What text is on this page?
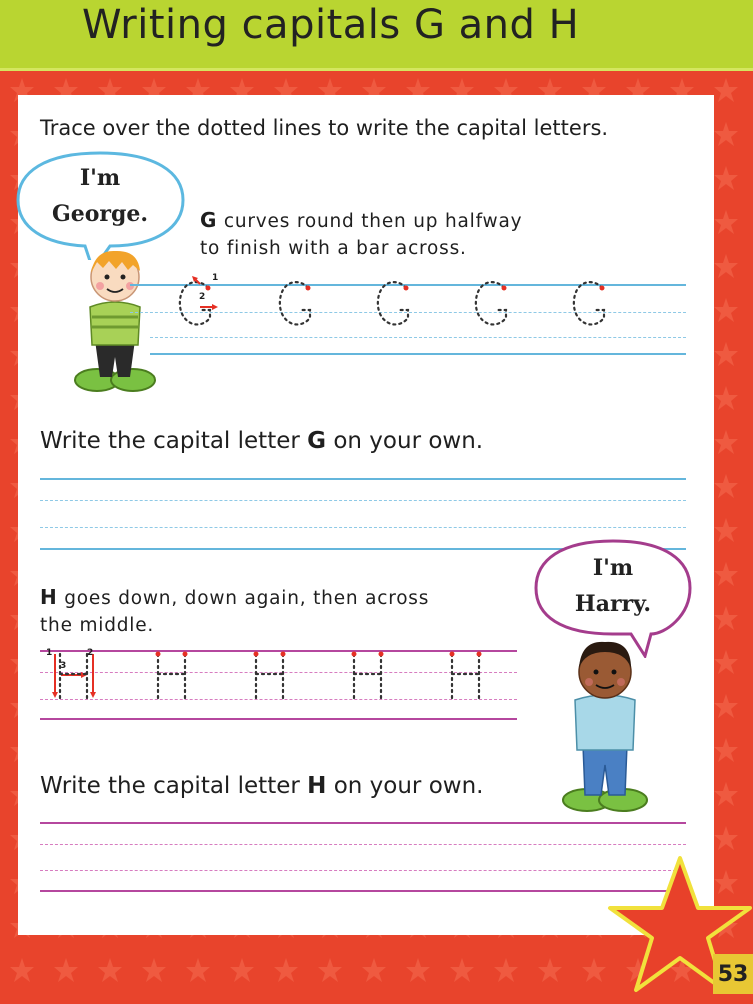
Writing capitals G and H
Trace over the dotted lines to write the capital letters.
I'm
George.	G curves round then up halfway
to finish with a bar across.
1
2
Write the capital letter G on your own.
I'm
Harry.
H goes down, down again, then across
the middle.
1	2
3
Write the capital letter H on your own.
53
